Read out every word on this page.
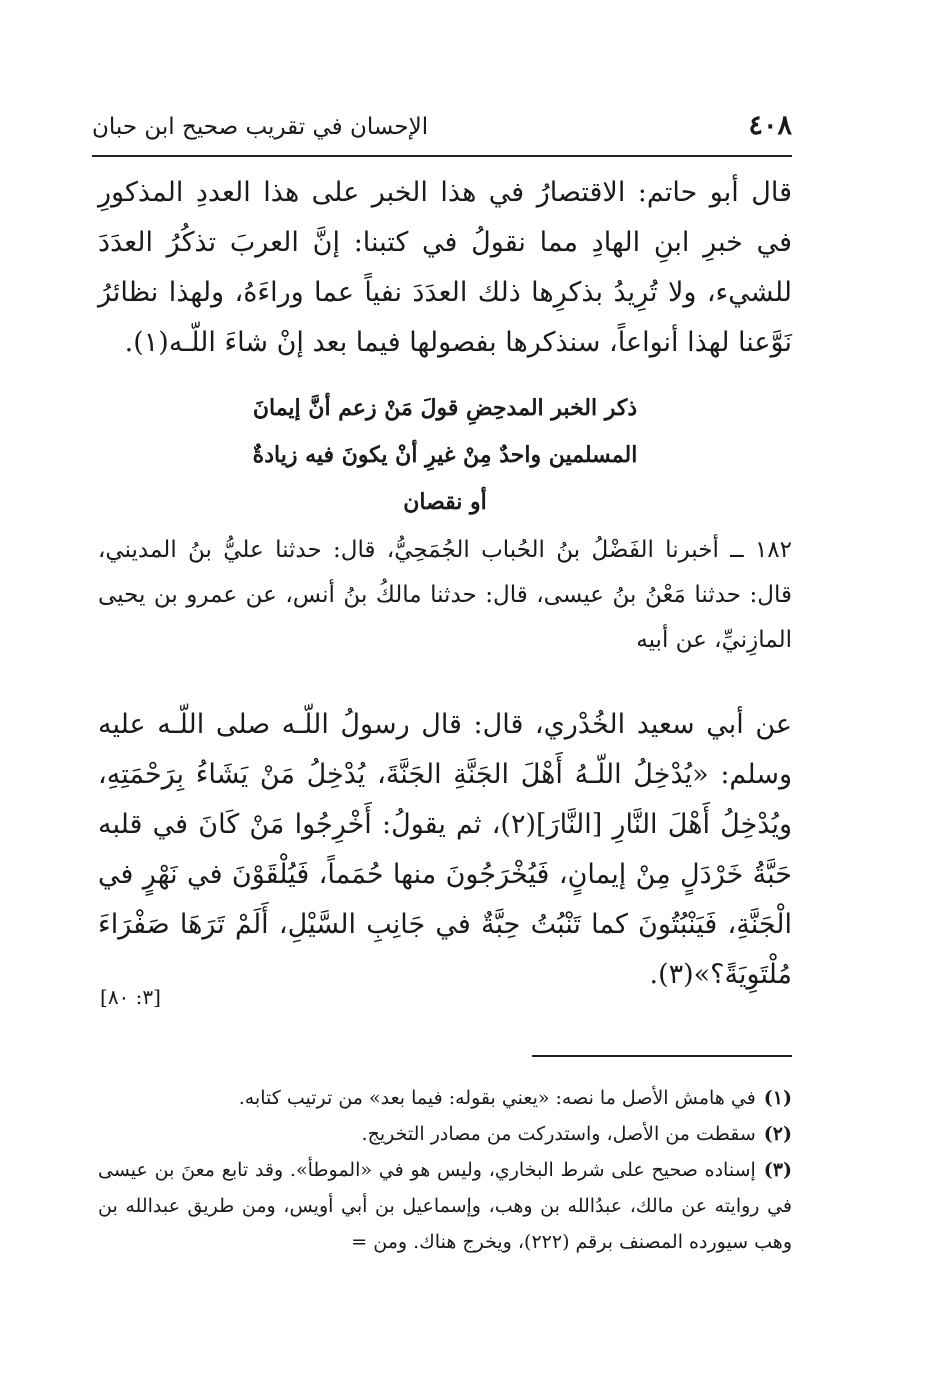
٤٠٨
الإحسان في تقريب صحيح ابن حبان
قال أبو حاتم: الاقتصارُ في هذا الخبر على هذا العددِ المذكورِ في خبرِ ابنِ الهادِ مما نقولُ في كتبنا: إنَّ العربَ تذكُرُ العدَدَ للشيء، ولا تُرِيدُ بذكرِها ذلك العدَدَ نفياً عما وراءَهُ، ولهذا نظائرُ نَوَّعنا لهذا أنواعاً، سنذكرها بفصولها فيما بعد إنْ شاءَ اللّـه(١).
ذكر الخبر المدحِضِ قولَ مَنْ زعم أنَّ إيمانَ
المسلمين واحدٌ مِنْ غيرِ أنْ يكونَ فيه زيادةٌ
أو نقصان
١٨٢ ــ أخبرنا الفَضْلُ بنُ الحُباب الجُمَحِيُّ، قال: حدثنا عليُّ بنُ المديني، قال: حدثنا مَعْنُ بنُ عيسى، قال: حدثنا مالكُ بنُ أنس، عن عمرو بن يحيى المازِنيِّ، عن أبيه
عن أبي سعيد الخُدْري، قال: قال رسولُ اللّـه صلى اللّـه عليه وسلم: «يُدْخِلُ اللّـهُ أَهْلَ الجَنَّةِ الجَنَّةَ، يُدْخِلُ مَنْ يَشَاءُ بِرَحْمَتِهِ، ويُدْخِلُ أَهْلَ النَّارِ [النَّارَ](٢)، ثم يقولُ: أَخْرِجُوا مَنْ كَانَ في قلبه حَبَّةُ خَرْدَلٍ مِنْ إيمانٍ، فَيُخْرَجُونَ منها حُمَماً، فَيُلْقَوْنَ في نَهْرٍ في الْجَنَّةِ، فَيَنْبُتُونَ كما تَنْبُتُ حِبَّةٌ في جَانِبِ السَّيْلِ، أَلَمْ تَرَهَا صَفْرَاءَ مُلْتَوِيَةً؟»(٣).
[٣: ٨٠]
(١)في هامش الأصل ما نصه: «يعني بقوله: فيما بعد» من ترتيب كتابه.
(٢)سقطت من الأصل، واستدركت من مصادر التخريج.
(٣)إسناده صحيح على شرط البخاري، وليس هو في «الموطأ». وقد تابع معنَ بن عيسى في روايته عن مالك، عبدُالله بن وهب، وإسماعيل بن أبي أويس، ومن طريق عبدالله بن وهب سيورده المصنف برقم (٢٢٢)، ويخرج هناك. ومن =
